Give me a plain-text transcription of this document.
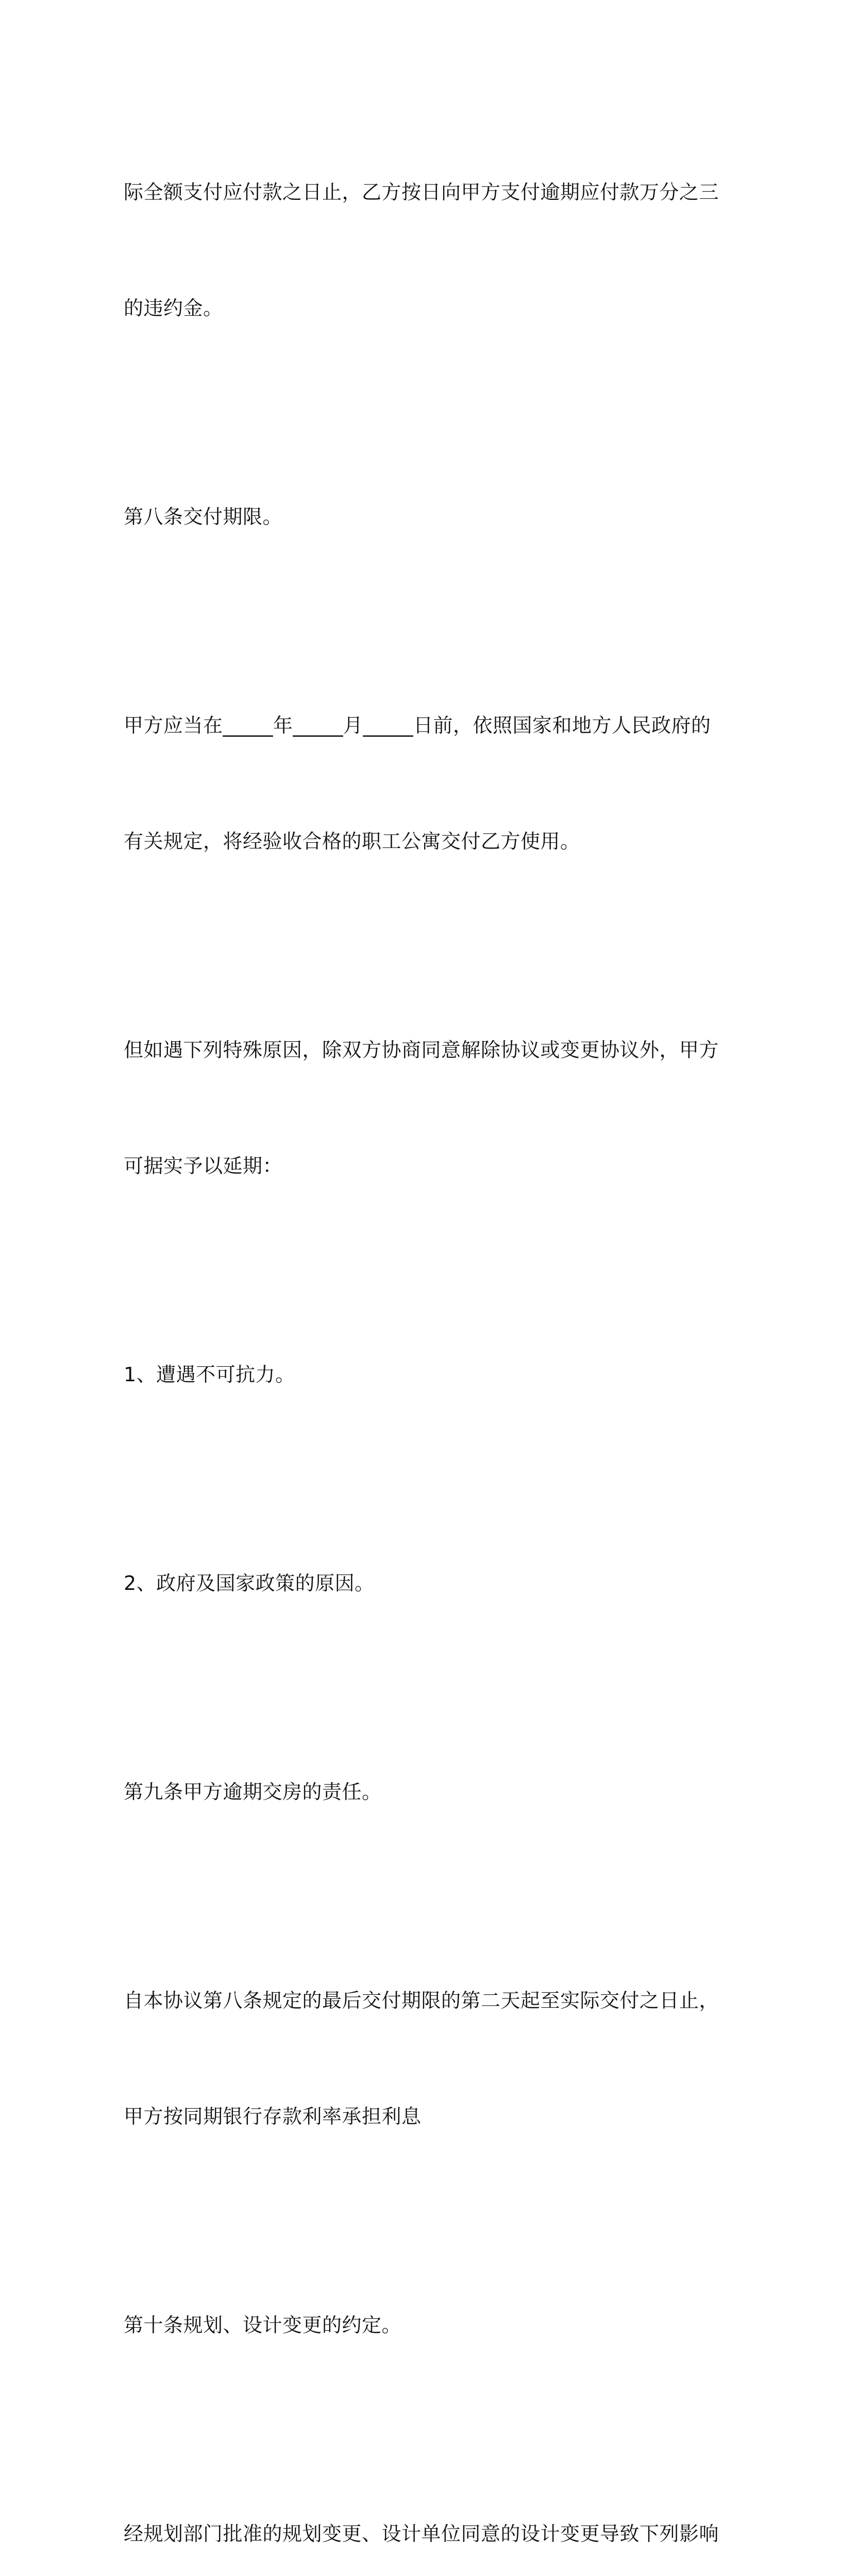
际全额支付应付款之日止，乙方按日向甲方支付逾期应付款万分之三

的违约金。

第八条交付期限。

甲方应当在_____年_____月_____日前，依照国家和地方人民政府的

有关规定，将经验收合格的职工公寓交付乙方使用。

但如遇下列特殊原因，除双方协商同意解除协议或变更协议外，甲方

可据实予以延期：

1、遭遇不可抗力。

2、政府及国家政策的原因。

第九条甲方逾期交房的责任。

自本协议第八条规定的最后交付期限的第二天起至实际交付之日止，

甲方按同期银行存款利率承担利息

第十条规划、设计变更的约定。

经规划部门批准的规划变更、设计单位同意的设计变更导致下列影响
